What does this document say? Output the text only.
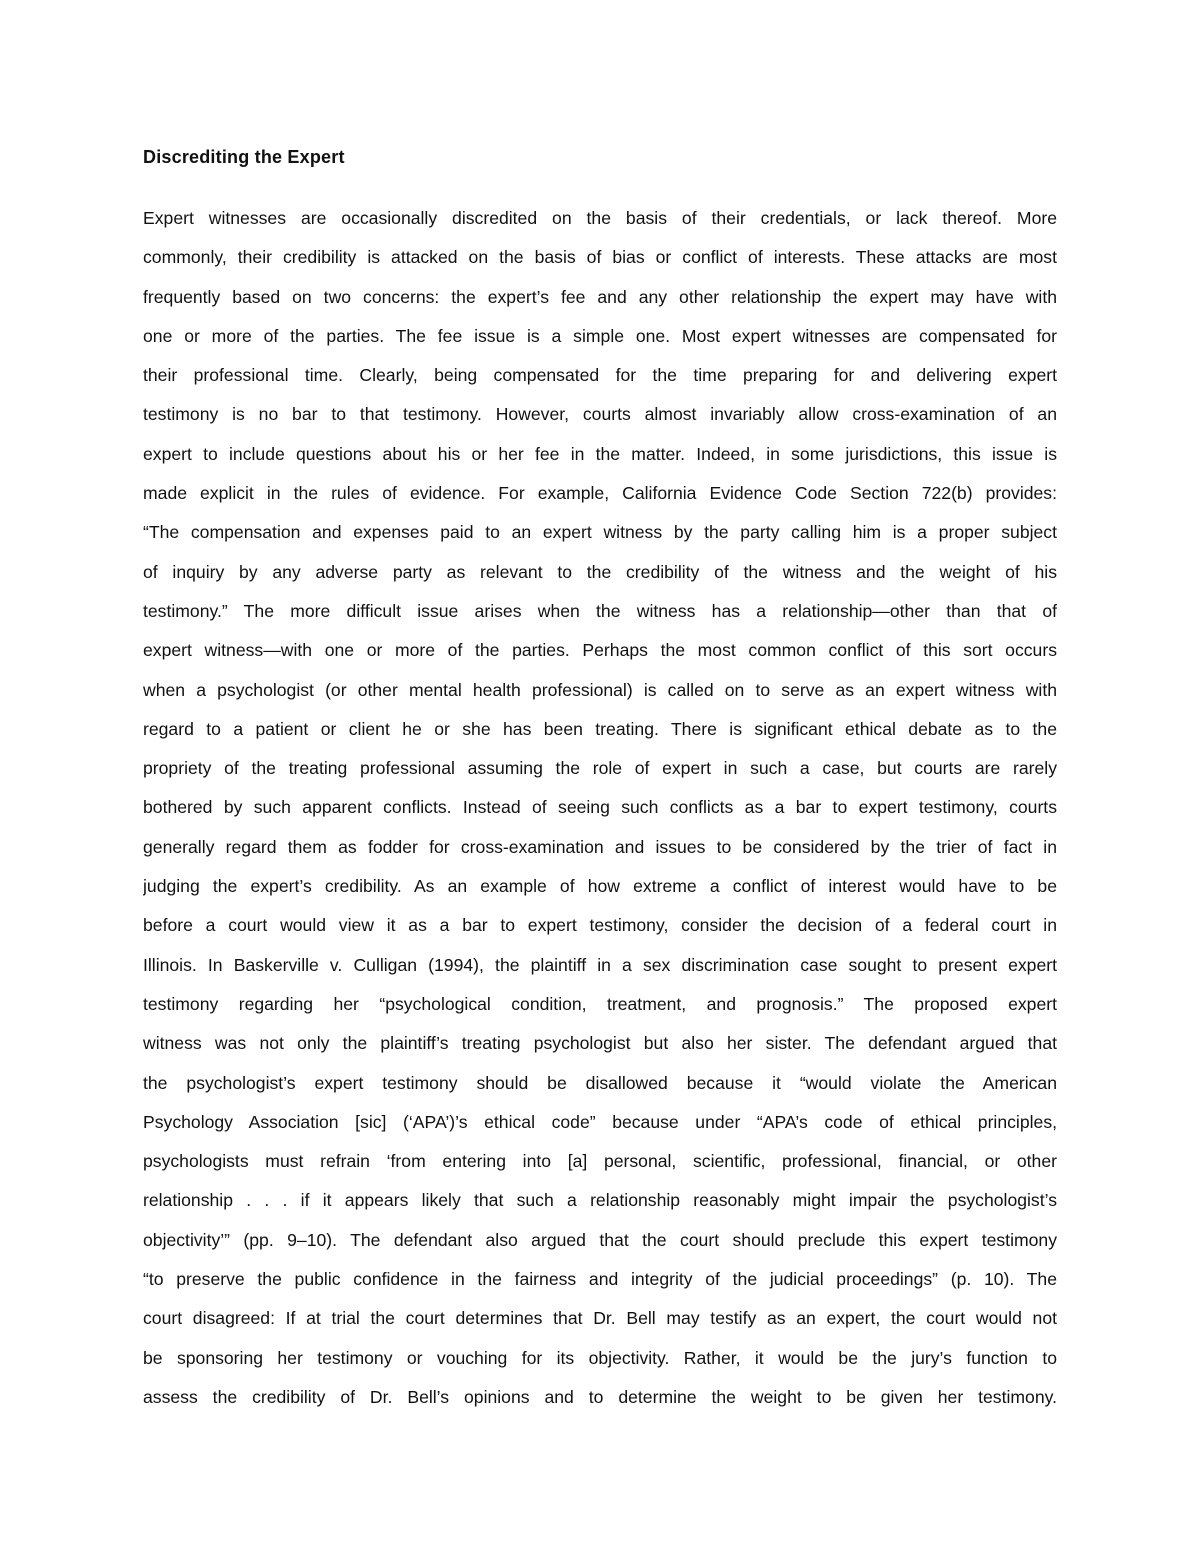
Discrediting the Expert
Expert witnesses are occasionally discredited on the basis of their credentials, or lack thereof. More
commonly, their credibility is attacked on the basis of bias or conflict of interests. These attacks are most
frequently based on two concerns: the expert’s fee and any other relationship the expert may have with
one or more of the parties. The fee issue is a simple one. Most expert witnesses are compensated for
their professional time. Clearly, being compensated for the time preparing for and delivering expert
testimony is no bar to that testimony. However, courts almost invariably allow cross-examination of an
expert to include questions about his or her fee in the matter. Indeed, in some jurisdictions, this issue is
made explicit in the rules of evidence. For example, California Evidence Code Section 722(b) provides:
“The compensation and expenses paid to an expert witness by the party calling him is a proper subject
of inquiry by any adverse party as relevant to the credibility of the witness and the weight of his
testimony.” The more difficult issue arises when the witness has a relationship—other than that of
expert witness—with one or more of the parties. Perhaps the most common conflict of this sort occurs
when a psychologist (or other mental health professional) is called on to serve as an expert witness with
regard to a patient or client he or she has been treating. There is significant ethical debate as to the
propriety of the treating professional assuming the role of expert in such a case, but courts are rarely
bothered by such apparent conflicts. Instead of seeing such conflicts as a bar to expert testimony, courts
generally regard them as fodder for cross-examination and issues to be considered by the trier of fact in
judging the expert’s credibility. As an example of how extreme a conflict of interest would have to be
before a court would view it as a bar to expert testimony, consider the decision of a federal court in
Illinois. In Baskerville v. Culligan (1994), the plaintiff in a sex discrimination case sought to present expert
testimony regarding her “psychological condition, treatment, and prognosis.” The proposed expert
witness was not only the plaintiff’s treating psychologist but also her sister. The defendant argued that
the psychologist’s expert testimony should be disallowed because it “would violate the American
Psychology Association [sic] (‘APA’)’s ethical code” because under “APA’s code of ethical principles,
psychologists must refrain ‘from entering into [a] personal, scientific, professional, financial, or other
relationship . . . if it appears likely that such a relationship reasonably might impair the psychologist’s
objectivity’” (pp. 9–10). The defendant also argued that the court should preclude this expert testimony
“to preserve the public confidence in the fairness and integrity of the judicial proceedings” (p. 10). The
court disagreed: If at trial the court determines that Dr. Bell may testify as an expert, the court would not
be sponsoring her testimony or vouching for its objectivity. Rather, it would be the jury’s function to
assess the credibility of Dr. Bell’s opinions and to determine the weight to be given her testimony.
